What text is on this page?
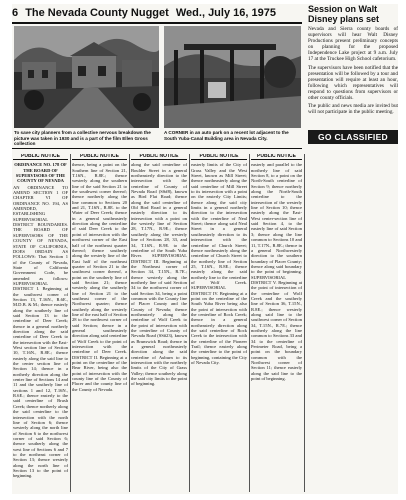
6 The Nevada County Nugget Wed., July 16, 1975
To save city planners from a collective nervous breakdown the picture was taken in 1930 and is a part of the film Ellen Gross collection
A CORNER in an auto park on a recent lot adjacent to the South Yuba-Canal Building area in Nevada City.
PUBLIC NOTICE
ORDINANCE NO. 178 OF THE BOARD OF SUPERVISORS OF THE COUNTY OF NEVADA
AN ORDINANCE TO AMEND SECTION 1 OF CHAPTER VI OF ORDINANCE NO. 194, AS AMENDED, ESTABLISHING SUPERVISORIAL DISTRICT BOUNDARIES. THE BOARD OF SUPERVISORS OF THE COUNTY OF NEVADA, STATE OF CALIFORNIA, DOES ORDAIN AS FOLLOWS: That Section 1 of the County of Nevada, State of California Government Code, be amended as follows: SUPERVISORIAL DISTRICT I. Beginning at the southwest corner of Section 13, T.16N., R.6E., M.D.B. & M.; thence easterly along the southerly line of said Section 13 to the centerline of Deer Creek; thence in a general northerly direction along the said centerline of Deer Creek to the intersection with the East-West section line of Section 10, T.16N., R.8E.; thence easterly along the said line to the center section line of Section 14; thence in a northerly direction along the center line of Sections 14 and 11 and the southerly line of sections 1 and 12, T.16N., R.6E.; thence easterly to the said centerline of Brush Creek; thence northerly along the said centerline to the intersection with the north line of Section 6; thence westerly along the north line of Section 6 to the northwest corner of said Section 6; thence southerly along the west line of Sections 6 and 7 to the northeast corner of Section 13; thence westerly along the north line of Section 13 to the point of beginning.
PUBLIC NOTICE
thence, being a point on the Southern line of Section 21, T.16N., R.8E.; thence westerly along the southern line of the said Section 21 to the southwest corner thereof; thence northerly along the line common to Sections 20 and 21, T.16N., R.8E. to the Water of Deer Creek; thence in a general southeasterly direction along the centerline of said Deer Creek to the point of intersection with the northwest corner of the East half of the northeast quarter thereof; thence southerly along the westerly line of the East half of the northeast quarter of Section 21 to the southwest corner thereof, a point on the southerly line of said Section 21; thence westerly along the southerly line of Section 21 to the southeast corner of the Northwest quarter; thence southerly along the westerly line of the east half of Section 28 to the northwest corner of said Section; thence in a general southeasterly direction along said centerline of Wolf Creek to the point of intersection with the centerline of Deer Creek. DISTRICT II. Beginning at a point on the centerline of the Bear River, being also the point of intersection with the county line of the County of Placer and the county line of the County of Nevada.
PUBLIC NOTICE
along the said centerline of Boulder Street in a general northeasterly direction to the intersection with the centerline of County of Nevada Road (SS#8), known as Bird Flat Road; thence along the said centerline of Old Bird Road in a general easterly direction to its intersection with a point on the westerly line of Section 28, T.17N., R.9E.; thence southerly along the westerly line of Sections 28, 33, and 34, T.16N., R.9E. to the centerline of the South Yuba River. SUPERVISORIAL DISTRICT III. Beginning at the Northeast corner of Section 34, T.15N., R.7E.; thence westerly along the northerly line of said Section 34 to the northwest corner of said Section 34, being a point common with the County line of Placer County and the County of Nevada; thence northeasterly along the centerline of Wolf Creek to the point of intersection with the centerline of County of Nevada Road (SS#23), known as Brunswick Road; thence in a general northeasterly direction along the said centerline of Auburn to its intersection with the northerly limits of the City of Grass Valley; thence southerly along the said city limits to the point of beginning.
PUBLIC NOTICE
easterly limits of the City of Grass Valley and the West Street, known as Mill Street; thence northeasterly along the said centerline of Mill Street to its intersection with a point on the easterly City Limits; thence along the said city limits in a general northerly direction to the intersection with the centerline of Neal Street; thence along said Neal Street in a general southeasterly direction to its intersection with the centerline of Church Street; thence northeasterly along the centerline of Church Street to the northerly line of Section 25, T.16N., R.8E.; thence easterly along the said northerly line to the centerline of Wolf Creek. SUPERVISORIAL DISTRICT IV. Beginning at a point on the centerline of the South Yuba River being also the point of intersection with the centerline of Rock Creek; thence in a general northeasterly direction along the said centerline of Rock Creek to the intersection with the centerline of the Pioneer Trail; thence easterly along the centerline to the point of beginning, containing the City of Nevada City.
PUBLIC NOTICE
easterly and parallel to the northerly line of said Section 8, to a point on the North-South centerline of Section 9; thence northerly along the North-South centerline to the intersection of the westerly line of Section 10; thence easterly along the East-West center-section line of said Section 4, to the easterly line of said Section 3; thence along the line common to Sections 10 and 11, T.17N., R.8E.; thence in a general Northwesterly direction to the southern boundary of Placer County; thence along said boundary to the point of beginning. SUPERVISORIAL DISTRICT V. Beginning at the point of intersection of the centerline of Wolf Creek and the southerly line of Section 36, T.15N., R.8E.; thence westerly along said line to the southwest corner of Section 34, T.15N., R.7E.; thence northerly along the line common to Sections 33 and 34 to the centerline of Perimeter Road, being a point on the boundary common with the Northwest corner of Section 11; thence easterly along the said line to the point of beginning.
Session on Walt Disney plans set
Nevada and Sierra county boards of supervisors will hear Walt Disney Productions present preliminary concepts on planning for the proposed Independence Lake project at 9 a.m. July 17 at the Truckee High School cafetorium.
The supervisors have been notified that the presentation will be followed by a tour and presentation will require at least an hour, following which representatives will respond to questions from supervisors or other county officials.
The public and news media are invited but will not participate in the public meeting.
GO CLASSIFIED
